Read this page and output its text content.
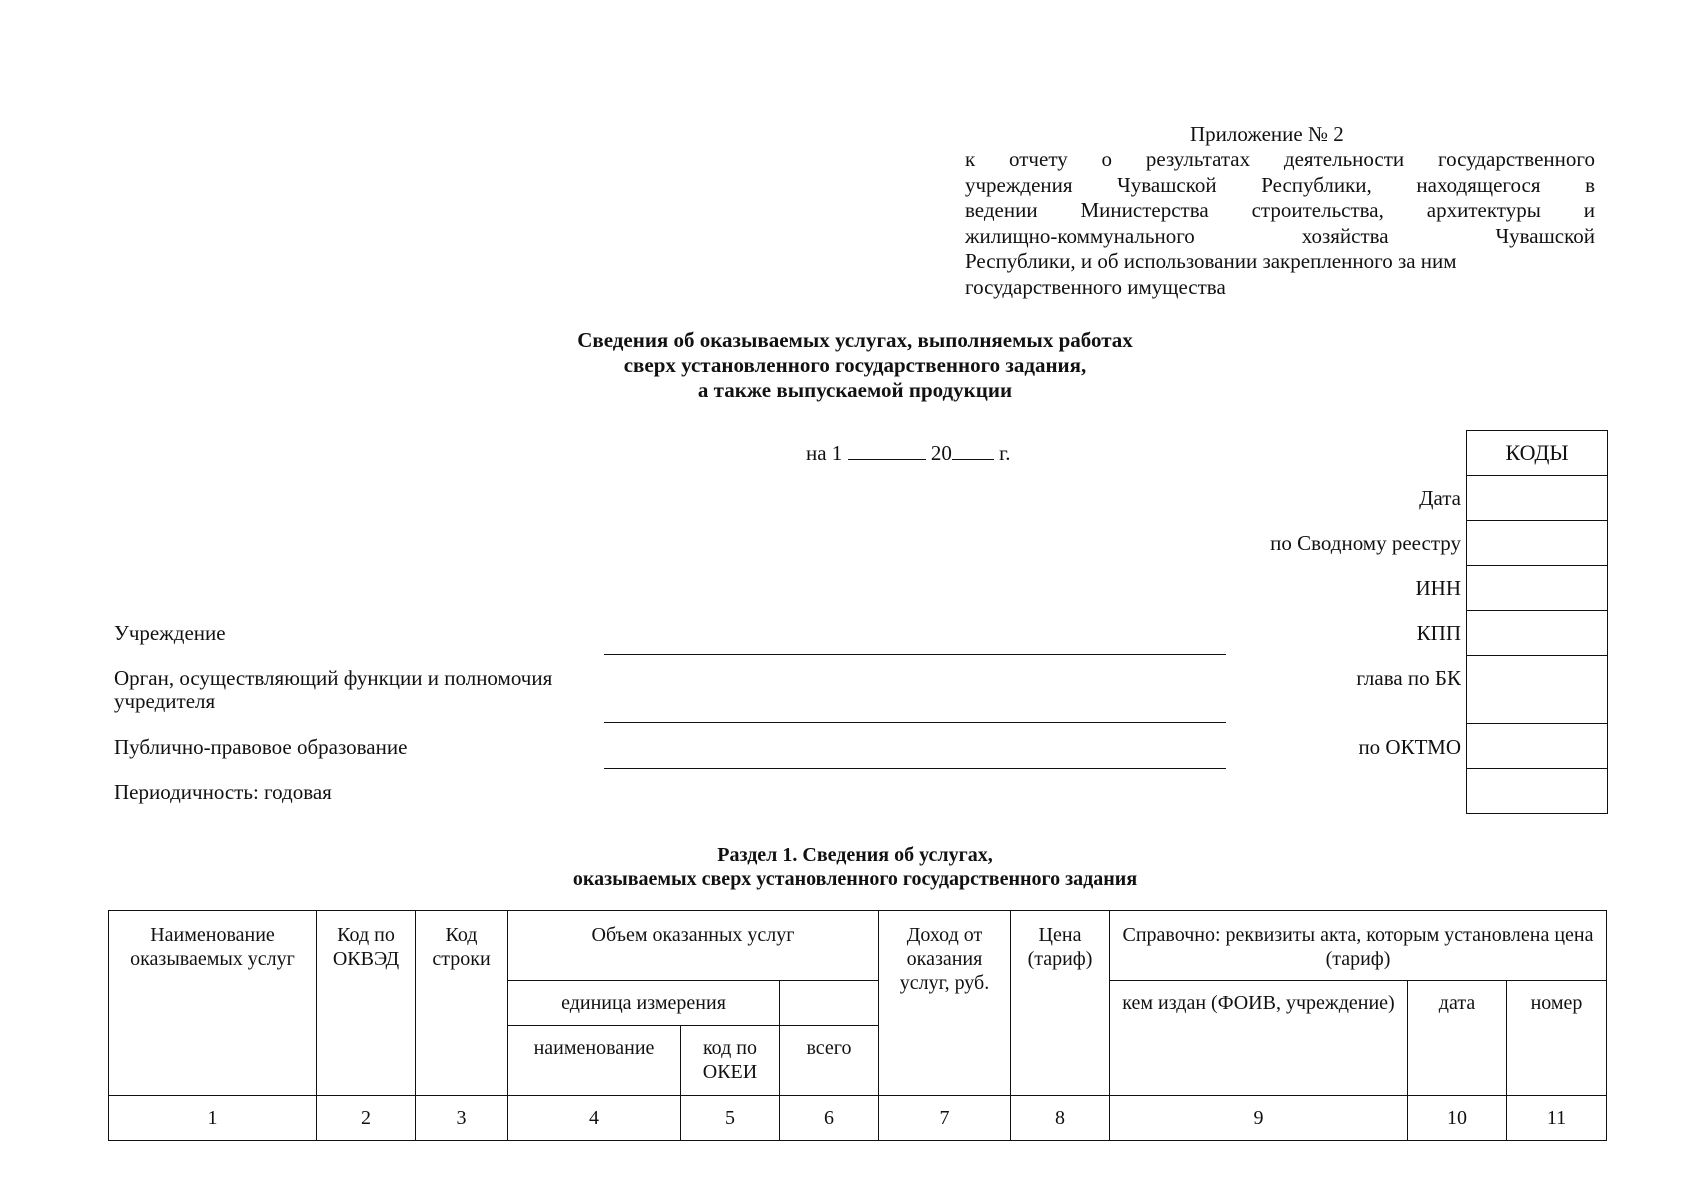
Приложение № 2
к отчету о результатах деятельности государственного
учреждения Чувашской Республики, находящегося в
ведении Министерства строительства, архитектуры и
жилищно-коммунального хозяйства Чувашской
Республики, и об использовании закрепленного за ним
государственного имущества
Сведения об оказываемых услугах, выполняемых работах
сверх установленного государственного задания,
а также выпускаемой продукции
на 1	20 г.	КОДЫ

Дата
по Сводному реестру
ИНН
КПП
глава по БК
по ОКТМО
Учреждение
Орган, осуществляющий функции и полномочия учредителя
Публично-правовое образование
Периодичность: годовая
Раздел 1. Сведения об услугах,
оказываемых сверх установленного государственного задания
Наименование оказываемых услуг	Код по ОКВЭД	Код строки	Объем оказанных услуг			Доход от оказания услуг, руб.	Цена (тариф)	Справочно: реквизиты акта, которым установлена цена (тариф)		
			единица измерения					кем издан (ФОИВ, учреждение)	дата	номер
			наименование	код по ОКЕИ	всего					
1	2	3	4	5	6	7	8	9	10	11
